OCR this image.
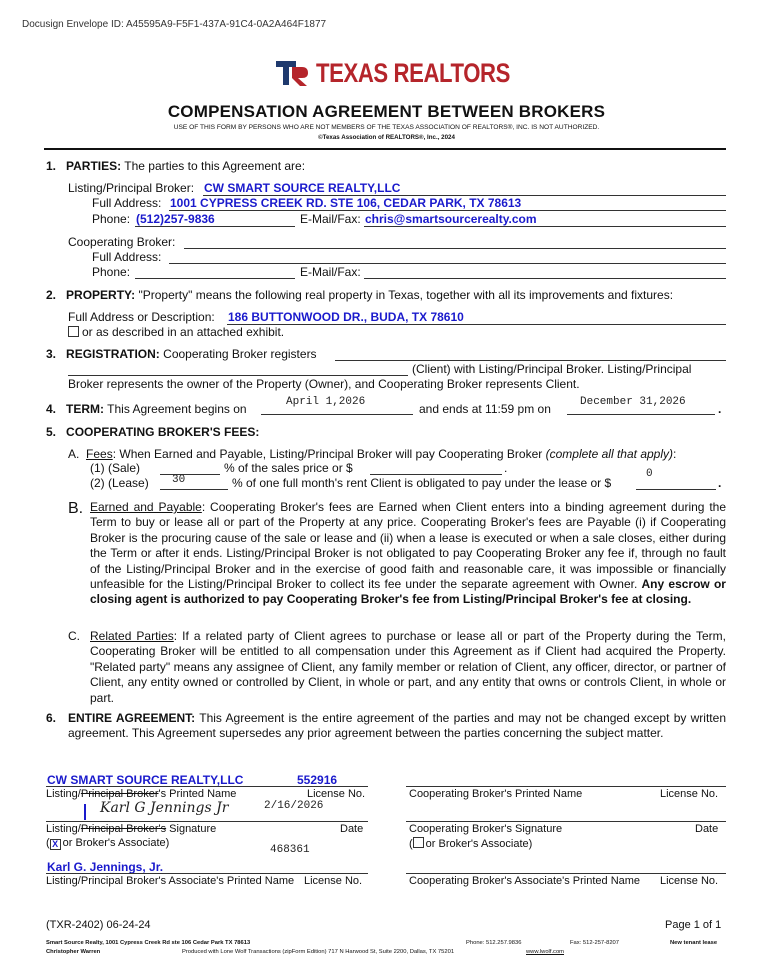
Docusign Envelope ID: A45595A9-F5F1-437A-91C4-0A2A464F1877
TEXAS REALTORS
COMPENSATION AGREEMENT BETWEEN BROKERS
USE OF THIS FORM BY PERSONS WHO ARE NOT MEMBERS OF THE TEXAS ASSOCIATION OF REALTORS®, INC. IS NOT AUTHORIZED.
©Texas Association of REALTORS®, Inc., 2024
1. PARTIES: The parties to this Agreement are:
Listing/Principal Broker: CW SMART SOURCE REALTY,LLC
Full Address: 1001 CYPRESS CREEK RD. STE 106, CEDAR PARK, TX 78613
Phone: (512)257-9836	E-Mail/Fax: chris@smartsourcerealty.com
Cooperating Broker:
Full Address:
Phone:	E-Mail/Fax:
2. PROPERTY: "Property" means the following real property in Texas, together with all its improvements and fixtures:
Full Address or Description: 186 BUTTONWOOD DR., BUDA, TX 78610
or as described in an attached exhibit.
3. REGISTRATION: Cooperating Broker registers
(Client) with Listing/Principal Broker. Listing/Principal
Broker represents the owner of the Property (Owner), and Cooperating Broker represents Client.
4. TERM: This Agreement begins on	April 1,2026	and ends at 11:59 pm on	December 31,2026	.
5. COOPERATING BROKER'S FEES:
A. Fees: When Earned and Payable, Listing/Principal Broker will pay Cooperating Broker (complete all that apply):
(1) (Sale)	% of the sales price or $	.
(2) (Lease) 30	% of one full month's rent Client is obligated to pay under the lease or $
0
.
B. Earned and Payable: Cooperating Broker's fees are Earned when Client enters into a binding agreement during the Term to buy or lease all or part of the Property at any price. Cooperating Broker's fees are Payable (i) if Cooperating Broker is the procuring cause of the sale or lease and (ii) when a lease is executed or when a sale closes, either during the Term or after it ends. Listing/Principal Broker is not obligated to pay Cooperating Broker any fee if, through no fault of the Listing/Principal Broker and in the exercise of good faith and reasonable care, it was impossible or financially unfeasible for the Listing/Principal Broker to collect its fee under the separate agreement with Owner. Any escrow or closing agent is authorized to pay Cooperating Broker's fee from Listing/Principal Broker's fee at closing.
C. Related Parties: If a related party of Client agrees to purchase or lease all or part of the Property during the Term, Cooperating Broker will be entitled to all compensation under this Agreement as if Client had acquired the Property. "Related party" means any assignee of Client, any family member or relation of Client, any officer, director, or partner of Client, any entity owned or controlled by Client, in whole or part, and any entity that owns or controls Client, in whole or part.
6. ENTIRE AGREEMENT: This Agreement is the entire agreement of the parties and may not be changed except by written agreement. This Agreement supersedes any prior agreement between the parties concerning the subject matter.
CW SMART SOURCE REALTY,LLC	552916
Listing/Principal Broker's Printed Name	License No.	Cooperating Broker's Printed Name	License No.
Karl G Jennings Jr	2/16/2026
Listing/Principal Broker's Signature	Date	Cooperating Broker's Signature	Date
( X or Broker's Associate)	( or Broker's Associate)
468361
Karl G. Jennings, Jr.
Listing/Principal Broker's Associate's Printed Name License No.	Cooperating Broker's Associate's Printed Name License No.
(TXR-2402) 06-24-24	Page 1 of 1
Smart Source Realty, 1001 Cypress Creek Rd ste 106 Cedar Park TX 78613	Phone: 512.257.9836	Fax: 512-257-8207	New tenant lease
Christopher Warren	Produced with Lone Wolf Transactions (zipForm Edition) 717 N Harwood St, Suite 2200, Dallas, TX 75201	www.lwolf.com
